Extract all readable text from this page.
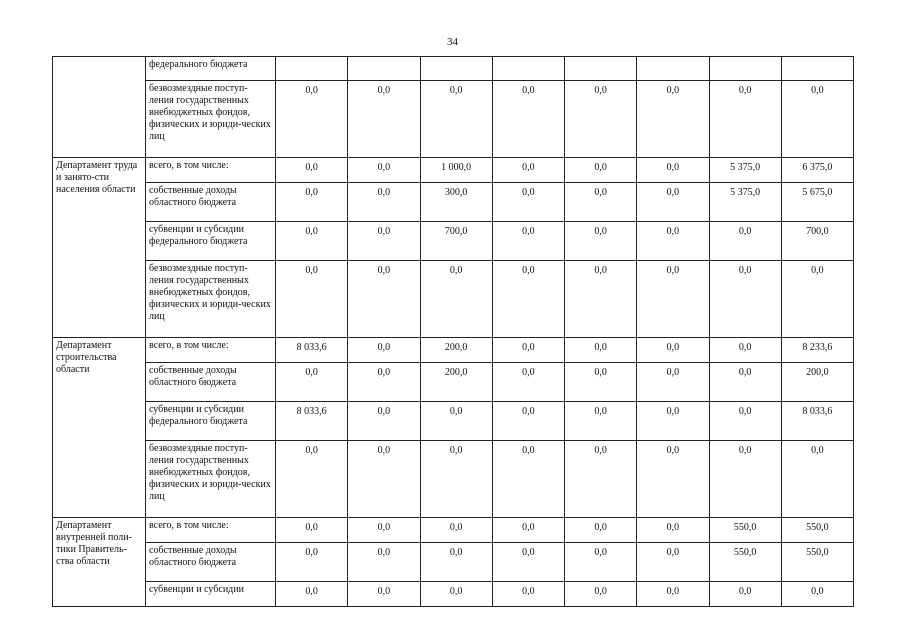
34
	федерального бюджета								
	безвозмездные поступ-ления государственных внебюджетных фондов, физических и юриди-ческих лиц	0,0	0,0	0,0	0,0	0,0	0,0	0,0	0,0
Департамент труда и занято-сти населения области	всего, в том числе:	0,0	0,0	1 000,0	0,0	0,0	0,0	5 375,0	6 375,0
	собственные доходы областного бюджета	0,0	0,0	300,0	0,0	0,0	0,0	5 375,0	5 675,0
	субвенции и субсидии федерального бюджета	0,0	0,0	700,0	0,0	0,0	0,0	0,0	700,0
	безвозмездные поступ-ления государственных внебюджетных фондов, физических и юриди-ческих лиц	0,0	0,0	0,0	0,0	0,0	0,0	0,0	0,0
Департамент строительства области	всего, в том числе:	8 033,6	0,0	200,0	0,0	0,0	0,0	0,0	8 233,6
	собственные доходы областного бюджета	0,0	0,0	200,0	0,0	0,0	0,0	0,0	200,0
	субвенции и субсидии федерального бюджета	8 033,6	0,0	0,0	0,0	0,0	0,0	0,0	8 033,6
	безвозмездные поступ-ления государственных внебюджетных фондов, физических и юриди-ческих лиц	0,0	0,0	0,0	0,0	0,0	0,0	0,0	0,0
Департамент внутренней поли-тики Правитель-ства области	всего, в том числе:	0,0	0,0	0,0	0,0	0,0	0,0	550,0	550,0
	собственные доходы областного бюджета	0,0	0,0	0,0	0,0	0,0	0,0	550,0	550,0
	субвенции и субсидии	0,0	0,0	0,0	0,0	0,0	0,0	0,0	0,0
